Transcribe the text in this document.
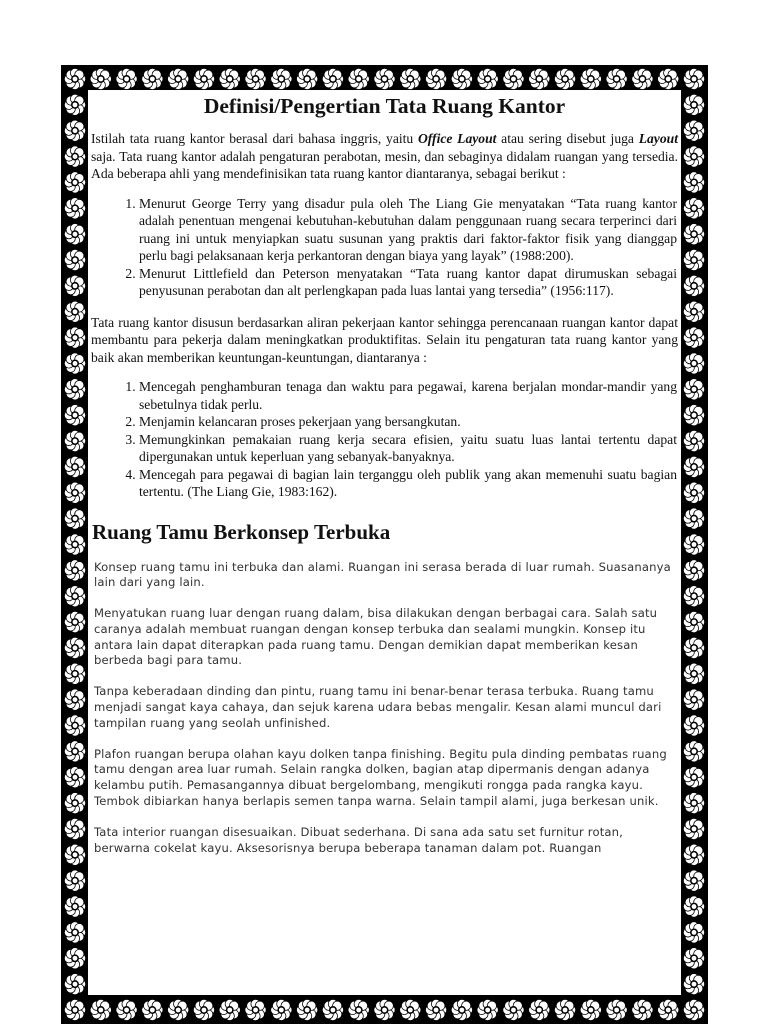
Definisi/Pengertian Tata Ruang Kantor

Istilah tata ruang kantor berasal dari bahasa inggris, yaitu Office Layout atau sering disebut juga Layout saja. Tata ruang kantor adalah pengaturan perabotan, mesin, dan sebaginya didalam ruangan yang tersedia. Ada beberapa ahli yang mendefinisikan tata ruang kantor diantaranya, sebagai berikut :

1. Menurut George Terry yang disadur pula oleh The Liang Gie menyatakan “Tata ruang kantor adalah penentuan mengenai kebutuhan-kebutuhan dalam penggunaan ruang secara terperinci dari ruang ini untuk menyiapkan suatu susunan yang praktis dari faktor-faktor fisik yang dianggap perlu bagi pelaksanaan kerja perkantoran dengan biaya yang layak” (1988:200).
2. Menurut Littlefield dan Peterson menyatakan “Tata ruang kantor dapat dirumuskan sebagai penyusunan perabotan dan alt perlengkapan pada luas lantai yang tersedia” (1956:117).

Tata ruang kantor disusun berdasarkan aliran pekerjaan kantor sehingga perencanaan ruangan kantor dapat membantu para pekerja dalam meningkatkan produktifitas. Selain itu pengaturan tata ruang kantor yang baik akan memberikan keuntungan-keuntungan, diantaranya :

1. Mencegah penghamburan tenaga dan waktu para pegawai, karena berjalan mondar-mandir yang sebetulnya tidak perlu.
2. Menjamin kelancaran proses pekerjaan yang bersangkutan.
3. Memungkinkan pemakaian ruang kerja secara efisien, yaitu suatu luas lantai tertentu dapat dipergunakan untuk keperluan yang sebanyak-banyaknya.
4. Mencegah para pegawai di bagian lain terganggu oleh publik yang akan memenuhi suatu bagian tertentu. (The Liang Gie, 1983:162).
Ruang Tamu Berkonsep Terbuka

Konsep ruang tamu ini terbuka dan alami. Ruangan ini serasa berada di luar rumah. Suasananya lain dari yang lain.

Menyatukan ruang luar dengan ruang dalam, bisa dilakukan dengan berbagai cara. Salah satu caranya adalah membuat ruangan dengan konsep terbuka dan sealami mungkin. Konsep itu antara lain dapat diterapkan pada ruang tamu. Dengan demikian dapat memberikan kesan berbeda bagi para tamu.

Tanpa keberadaan dinding dan pintu, ruang tamu ini benar-benar terasa terbuka. Ruang tamu menjadi sangat kaya cahaya, dan sejuk karena udara bebas mengalir. Kesan alami muncul dari tampilan ruang yang seolah unfinished.

Plafon ruangan berupa olahan kayu dolken tanpa finishing. Begitu pula dinding pembatas ruang tamu dengan area luar rumah. Selain rangka dolken, bagian atap dipermanis dengan adanya kelambu putih. Pemasangannya dibuat bergelombang, mengikuti rongga pada rangka kayu. Tembok dibiarkan hanya berlapis semen tanpa warna. Selain tampil alami, juga berkesan unik.

Tata interior ruangan disesuaikan. Dibuat sederhana. Di sana ada satu set furnitur rotan, berwarna cokelat kayu. Aksesorisnya berupa beberapa tanaman dalam pot. Ruangan
